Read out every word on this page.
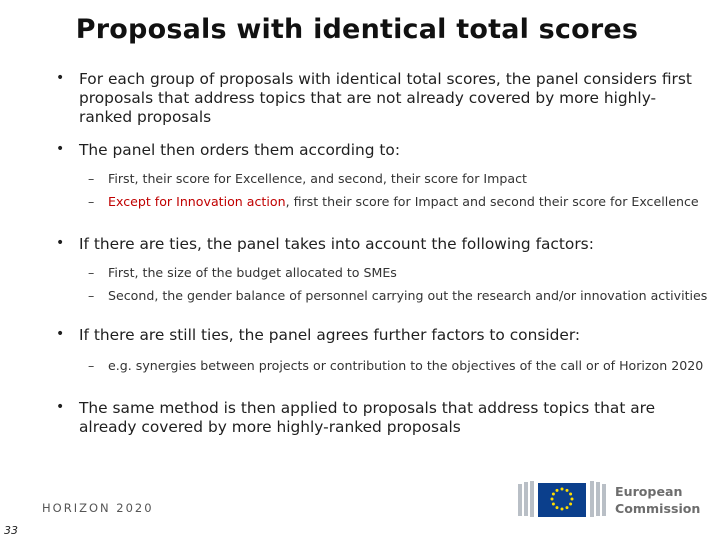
Proposals with identical total scores
• For each group of proposals with identical total scores, the panel considers first proposals that address topics that are not already covered by more highly-ranked proposals
• The panel then orders them according to:
– First, their score for Excellence, and second, their score for Impact
– Except for Innovation action, first their score for Impact and second their score for Excellence
• If there are ties, the panel takes into account the following factors:
– First, the size of the budget allocated to SMEs
– Second, the gender balance of personnel carrying out the research and/or innovation activities
• If there are still ties, the panel agrees further factors to consider:
– e.g. synergies between projects or contribution to the objectives of the call or of Horizon 2020
• The same method is then applied to proposals that address topics that are already covered by more highly-ranked proposals
HORIZON 2020
33
European
Commission
